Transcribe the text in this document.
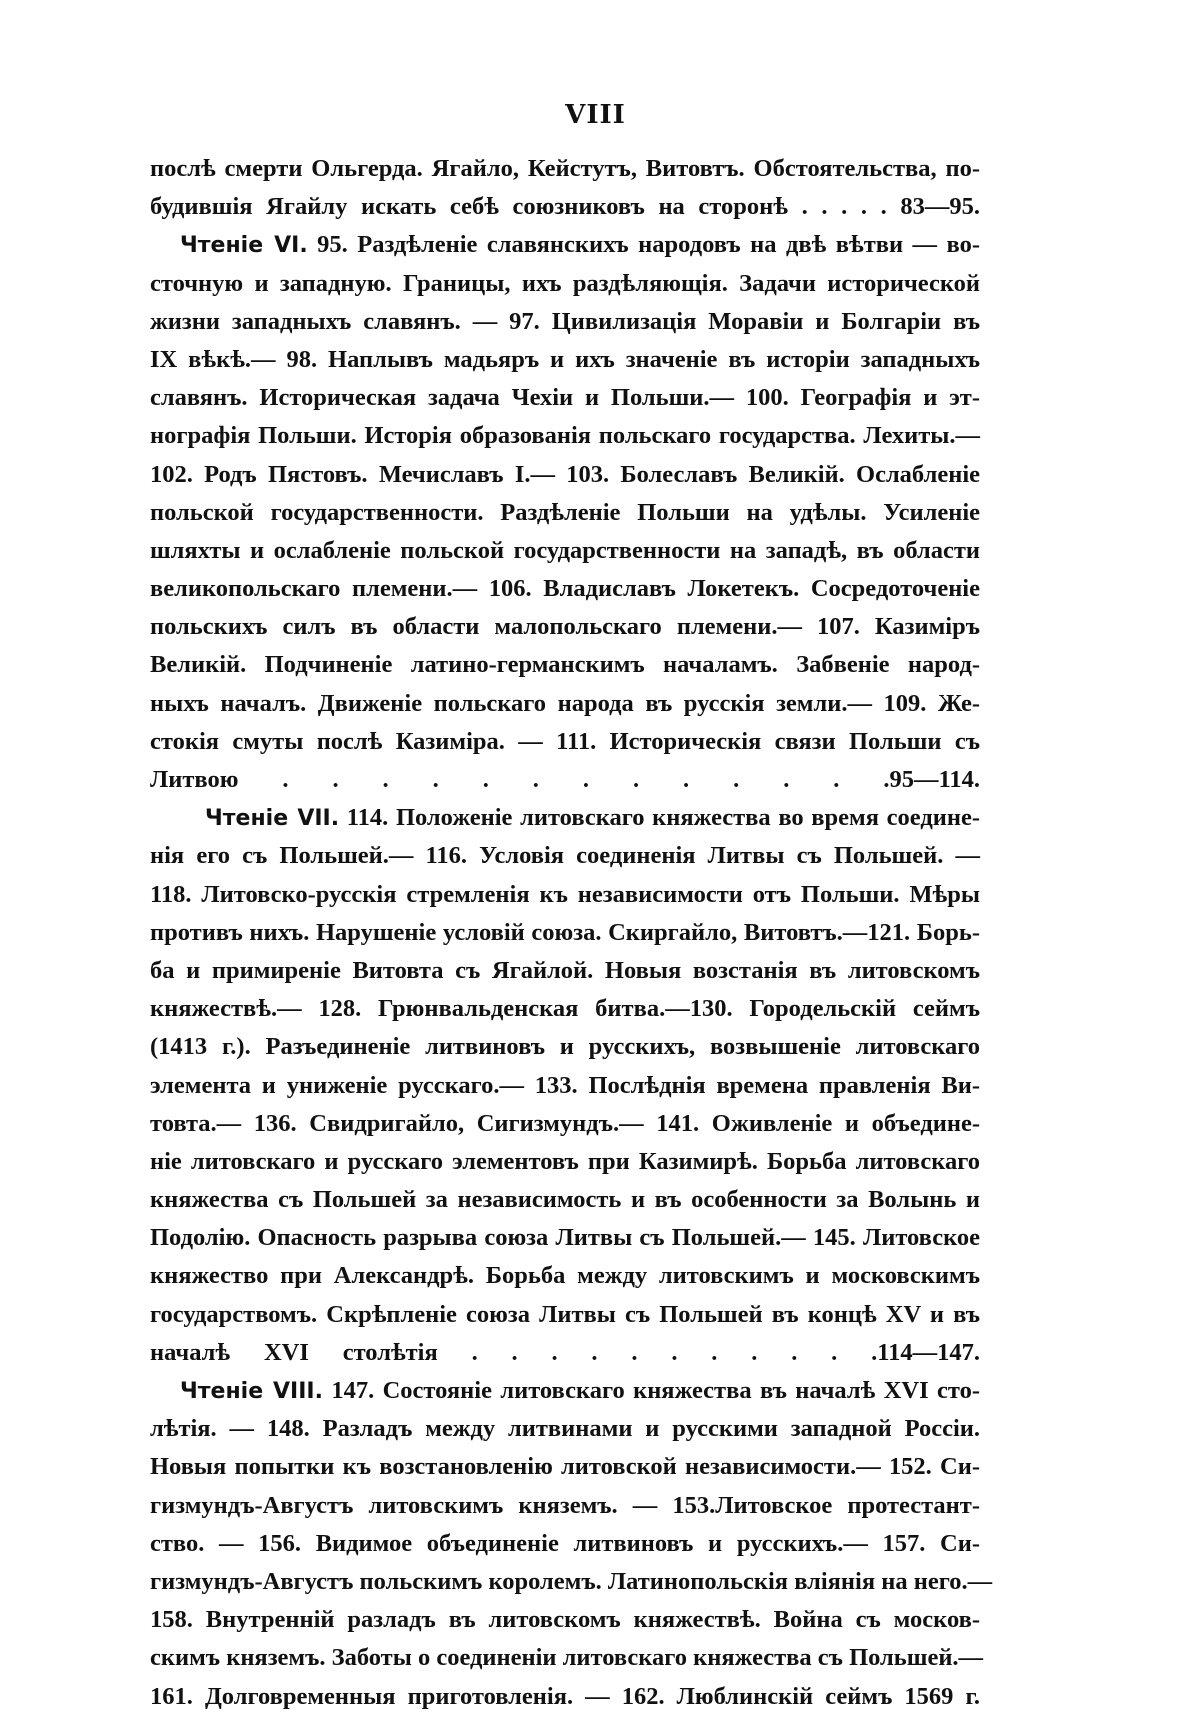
VIII
послѣ смерти Ольгерда. Ягайло, Кейстутъ, Витовтъ. Обстоятельства, по-
будившія Ягайлу искать себѣ союзниковъ на сторонѣ . . . . . 83—95.
Чтеніе VI. 95. Раздѣленіе славянскихъ народовъ на двѣ вѣтви — во-
сточную и западную. Границы, ихъ раздѣляющія. Задачи исторической
жизни западныхъ славянъ. — 97. Цивилизація Моравіи и Болгаріи въ
IX вѣкѣ.— 98. Наплывъ мадьяръ и ихъ значеніе въ исторіи западныхъ
славянъ. Историческая задача Чехіи и Польши.— 100. Географія и эт-
нографія Польши. Исторія образованія польскаго государства. Лехиты.—
102. Родъ Пястовъ. Мечиславъ I.— 103. Болеславъ Великій. Ослабленіе
польской государственности. Раздѣленіе Польши на удѣлы. Усиленіе
шляхты и ослабленіе польской государственности на западѣ, въ области
великопольскаго племени.— 106. Владиславъ Локетекъ. Сосредоточеніе
польскихъ силъ въ области малопольскаго племени.— 107. Казиміръ
Великій. Подчиненіе латино-германскимъ началамъ. Забвеніе народ-
ныхъ началъ. Движеніе польскаго народа въ русскія земли.— 109. Же-
стокія смуты послѣ Казиміра. — 111. Историческія связи Польши съ
Литвою . . . . . . . . . . . . .95—114.
Чтеніе VII. 114. Положеніе литовскаго княжества во время соедине-
нія его съ Польшей.— 116. Условія соединенія Литвы съ Польшей. —
118. Литовско-русскія стремленія къ независимости отъ Польши. Мѣры
противъ нихъ. Нарушеніе условій союза. Скиргайло, Витовтъ.—121. Борь-
ба и примиреніе Витовта съ Ягайлой. Новыя возстанія въ литовскомъ
княжествѣ.— 128. Грюнвальденская битва.—130. Городельскій сеймъ
(1413 г.). Разъединеніе литвиновъ и русскихъ, возвышеніе литовскаго
элемента и униженіе русскаго.— 133. Послѣднія времена правленія Ви-
товта.— 136. Свидригайло, Сигизмундъ.— 141. Оживленіе и объедине-
ніе литовскаго и русскаго элементовъ при Казимирѣ. Борьба литовскаго
княжества съ Польшей за независимость и въ особенности за Волынь и
Подолію. Опасность разрыва союза Литвы съ Польшей.— 145. Литовское
княжество при Александрѣ. Борьба между литовскимъ и московскимъ
государствомъ. Скрѣпленіе союза Литвы съ Польшей въ концѣ XV и въ
началѣ XVI столѣтія . . . . . . . . . . .114—147.
Чтеніе VIII. 147. Состояніе литовскаго княжества въ началѣ XVI сто-
лѣтія. — 148. Разладъ между литвинами и русскими западной Россіи.
Новыя попытки къ возстановленію литовской независимости.— 152. Си-
гизмундъ-Августъ литовскимъ княземъ. — 153.Литовское протестант-
ство. — 156. Видимое объединеніе литвиновъ и русскихъ.— 157. Си-
гизмундъ-Августъ польскимъ королемъ. Латинопольскія вліянія на него.—
158. Внутренній разладъ въ литовскомъ княжествѣ. Война съ москов-
скимъ княземъ. Заботы о соединеніи литовскаго княжества съ Польшей.—
161. Долговременныя приготовленія. — 162. Люблинскій сеймъ 1569 г.
